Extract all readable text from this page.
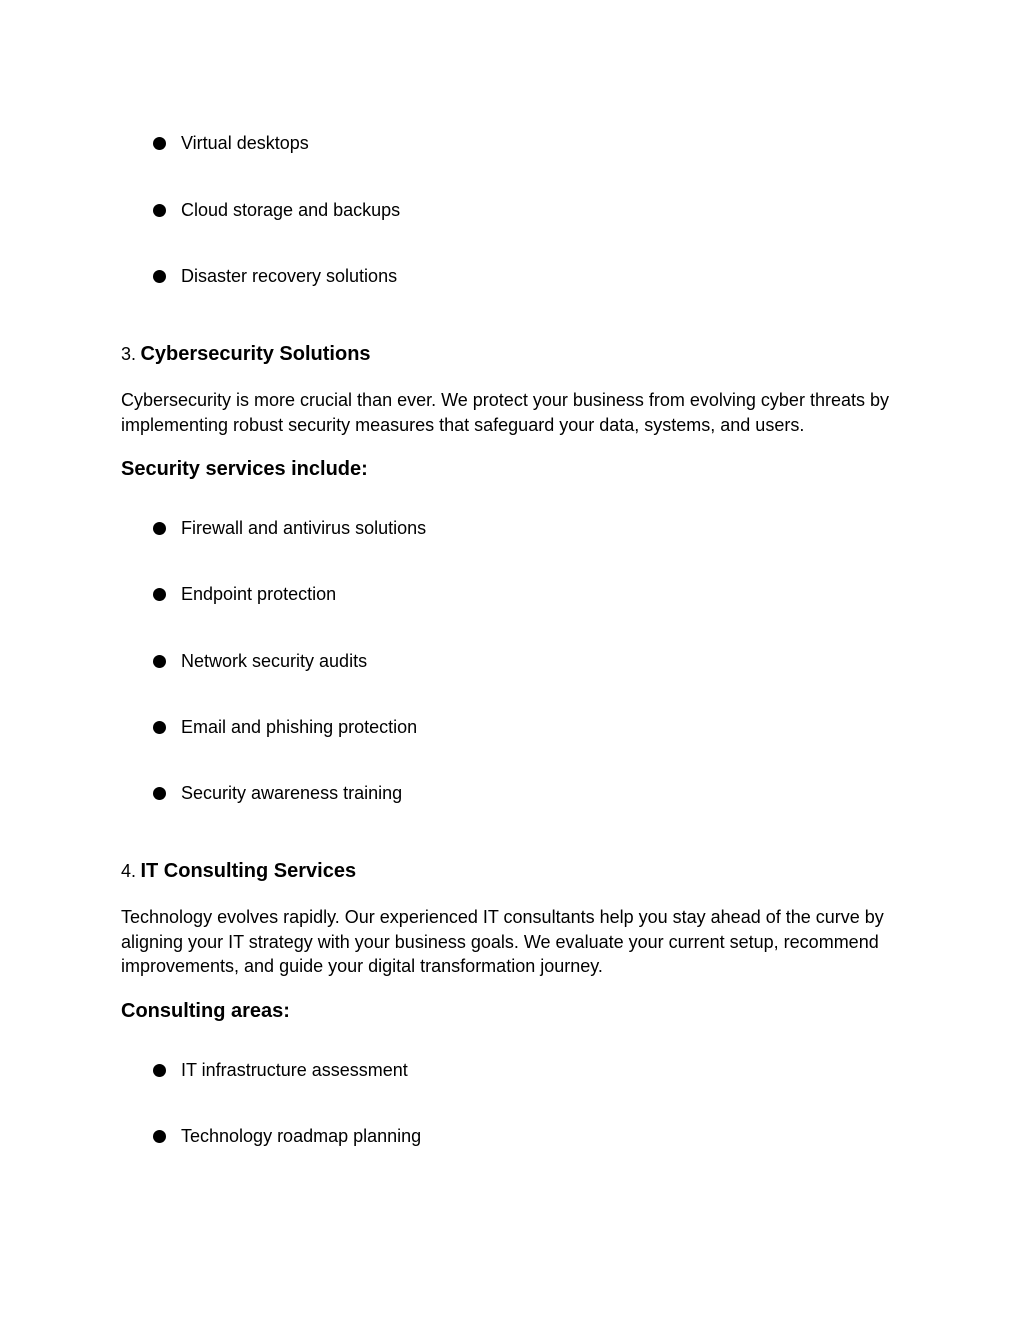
Virtual desktops
Cloud storage and backups
Disaster recovery solutions
3. Cybersecurity Solutions
Cybersecurity is more crucial than ever. We protect your business from evolving cyber threats by implementing robust security measures that safeguard your data, systems, and users.
Security services include:
Firewall and antivirus solutions
Endpoint protection
Network security audits
Email and phishing protection
Security awareness training
4. IT Consulting Services
Technology evolves rapidly. Our experienced IT consultants help you stay ahead of the curve by aligning your IT strategy with your business goals. We evaluate your current setup, recommend improvements, and guide your digital transformation journey.
Consulting areas:
IT infrastructure assessment
Technology roadmap planning
